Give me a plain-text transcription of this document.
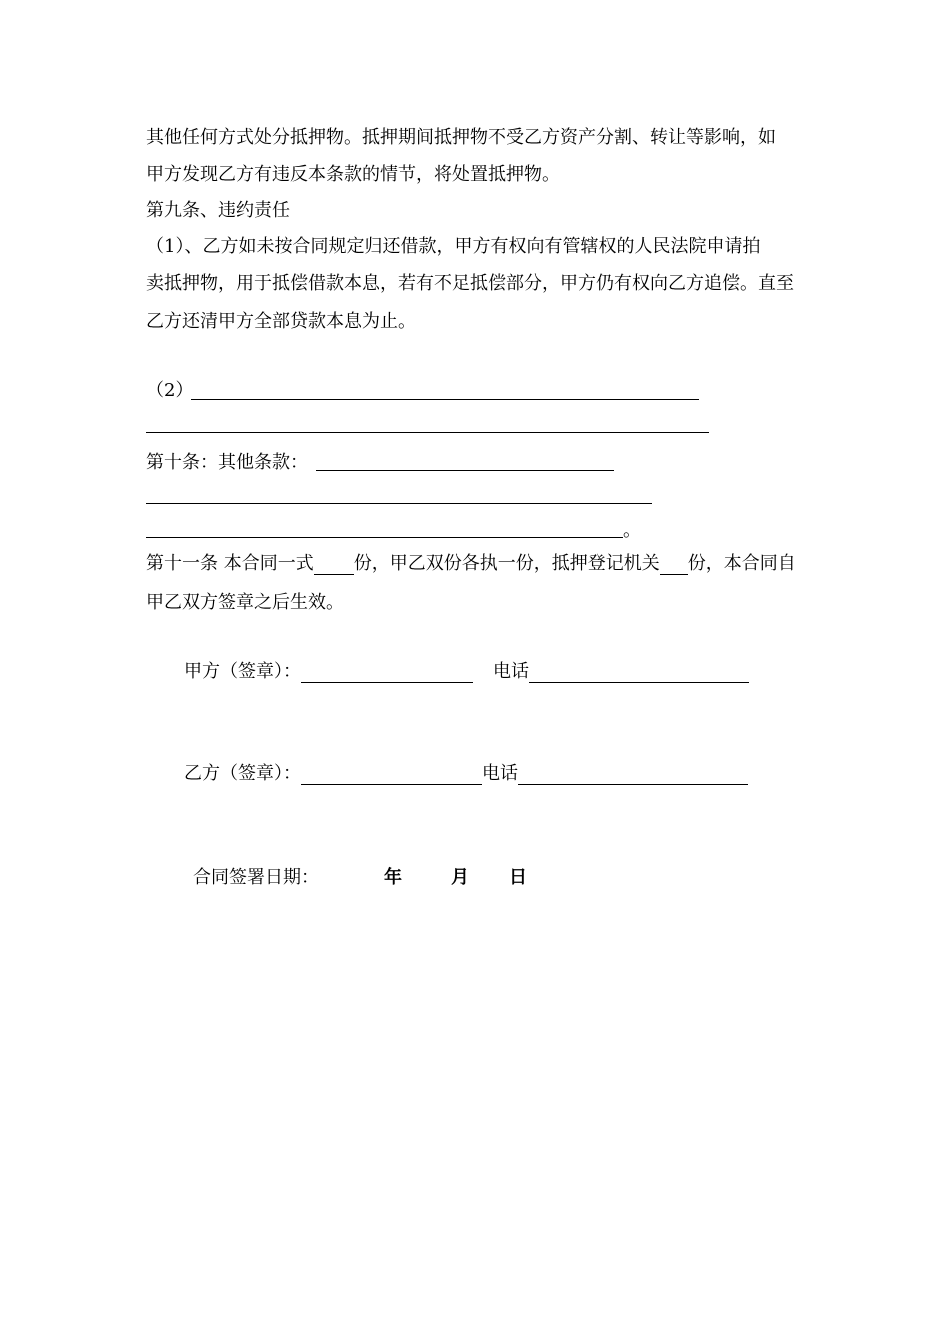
其他任何方式处分抵押物。抵押期间抵押物不受乙方资产分割、转让等影响，如
甲方发现乙方有违反本条款的情节，将处置抵押物。
第九条、违约责任
（1）、乙方如未按合同规定归还借款，甲方有权向有管辖权的人民法院申请拍
卖抵押物，用于抵偿借款本息，若有不足抵偿部分，甲方仍有权向乙方追偿。直至
乙方还清甲方全部贷款本息为止。
（2）
第十条：其他条款：
。
第十一条 本合同一式 份，甲乙双份各执一份，抵押登记机关 份，本合同自
甲乙双方签章之后生效。
甲方（签章）：	电话
乙方（签章）：	电话
合同签署日期：	年	月 日
